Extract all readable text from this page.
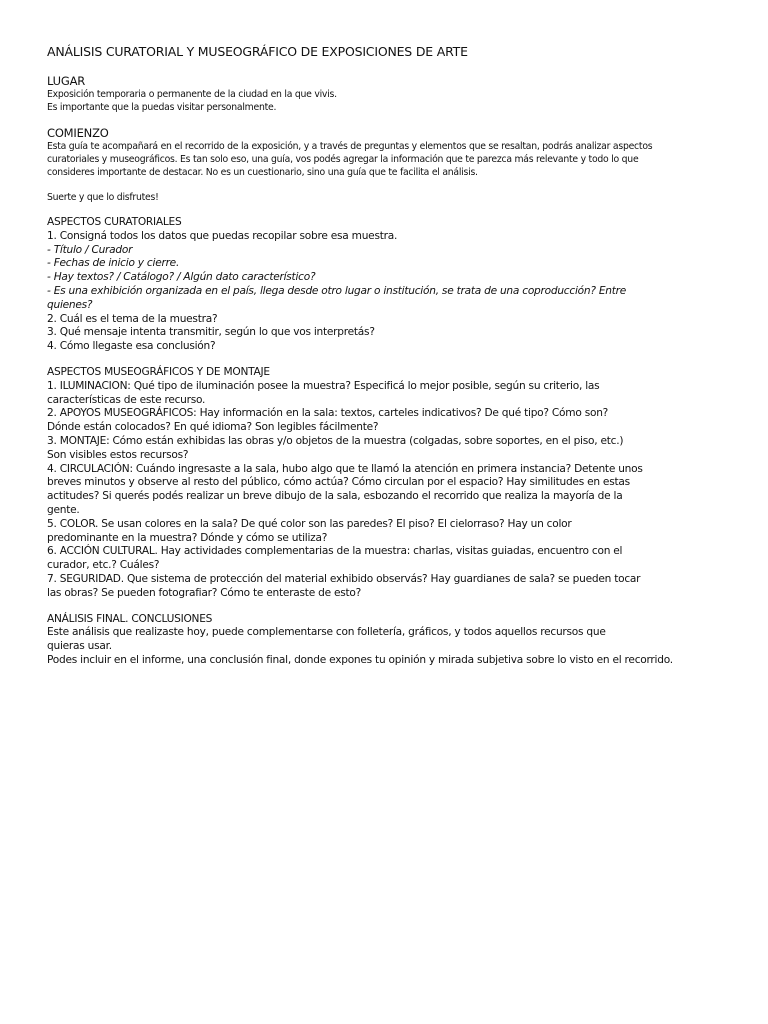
ANÁLISIS CURATORIAL Y MUSEOGRÁFICO DE EXPOSICIONES DE ARTE

LUGAR

Exposición temporaria o permanente de la ciudad en la que vivis.

Es importante que la puedas visitar personalmente.

COMIENZO

Esta guía te acompañará en el recorrido de la exposición, y a través de preguntas y elementos que se resaltan, podrás analizar aspectos

curatoriales y museográficos. Es tan solo eso, una guía, vos podés agregar la información que te parezca más relevante y todo lo que

consideres importante de destacar. No es un cuestionario, sino una guía que te facilita el análisis.

Suerte y que lo disfrutes!

ASPECTOS CURATORIALES

1. Consigná todos los datos que puedas recopilar sobre esa muestra.

- Título / Curador

- Fechas de inicio y cierre.

- Hay textos? / Catálogo? / Algún dato característico?

- Es una exhibición organizada en el país, llega desde otro lugar o institución, se trata de una coproducción? Entre

quienes?

2. Cuál es el tema de la muestra?

3. Qué mensaje intenta transmitir, según lo que vos interpretás?

4. Cómo llegaste esa conclusión?

ASPECTOS MUSEOGRÁFICOS Y DE MONTAJE

1. ILUMINACION: Qué tipo de iluminación posee la muestra? Especificá lo mejor posible, según su criterio, las

características de este recurso.

2. APOYOS MUSEOGRÁFICOS: Hay información en la sala: textos, carteles indicativos? De qué tipo? Cómo son?

Dónde están colocados? En qué idioma? Son legibles fácilmente?

3. MONTAJE: Cómo están exhibidas las obras y/o objetos de la muestra (colgadas, sobre soportes, en el piso, etc.)

Son visibles estos recursos?

4. CIRCULACIÓN: Cuándo ingresaste a la sala, hubo algo que te llamó la atención en primera instancia? Detente unos

breves minutos y observe al resto del público, cómo actúa? Cómo circulan por el espacio? Hay similitudes en estas

actitudes? Si querés podés realizar un breve dibujo de la sala, esbozando el recorrido que realiza la mayoría de la

gente.

5. COLOR. Se usan colores en la sala? De qué color son las paredes? El piso? El cielorraso? Hay un color

predominante en la muestra? Dónde y cómo se utiliza?

6. ACCIÓN CULTURAL. Hay actividades complementarias de la muestra: charlas, visitas guiadas, encuentro con el

curador, etc.? Cuáles?

7. SEGURIDAD. Que sistema de protección del material exhibido observás? Hay guardianes de sala? se pueden tocar

las obras? Se pueden fotografiar? Cómo te enteraste de esto?

ANÁLISIS FINAL. CONCLUSIONES

Este análisis que realizaste hoy, puede complementarse con folletería, gráficos, y todos aquellos recursos que

quieras usar.

Podes incluir en el informe, una conclusión final, donde expones tu opinión y mirada subjetiva sobre lo visto en el recorrido.
